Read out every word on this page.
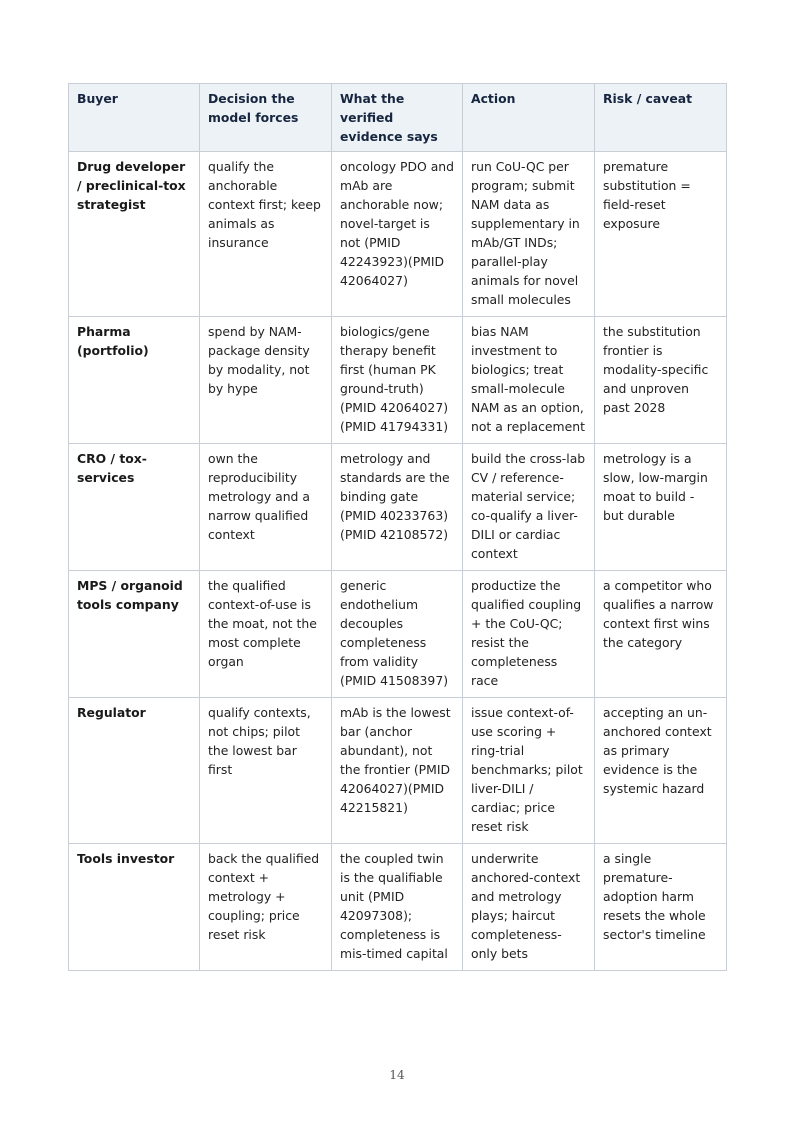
Buyer	Decision the model forces	What the verified evidence says	Action	Risk / caveat
Drug developer / preclinical-tox strategist	qualify the anchorable context first; keep animals as insurance	oncology PDO and mAb are anchorable now; novel-target is not (PMID 42243923)(PMID 42064027)	run CoU-QC per program; submit NAM data as supplementary in mAb/GT INDs; parallel-play animals for novel small molecules	premature substitution = field-reset exposure
Pharma (portfolio)	spend by NAM-package density by modality, not by hype	biologics/gene therapy benefit first (human PK ground-truth) (PMID 42064027)(PMID 41794331)	bias NAM investment to biologics; treat small-molecule NAM as an option, not a replacement	the substitution frontier is modality-specific and unproven past 2028
CRO / tox-services	own the reproducibility metrology and a narrow qualified context	metrology and standards are the binding gate (PMID 40233763)(PMID 42108572)	build the cross-lab CV / reference-material service; co-qualify a liver-DILI or cardiac context	metrology is a slow, low-margin moat to build - but durable
MPS / organoid tools company	the qualified context-of-use is the moat, not the most complete organ	generic endothelium decouples completeness from validity (PMID 41508397)	productize the qualified coupling + the CoU-QC; resist the completeness race	a competitor who qualifies a narrow context first wins the category
Regulator	qualify contexts, not chips; pilot the lowest bar first	mAb is the lowest bar (anchor abundant), not the frontier (PMID 42064027)(PMID 42215821)	issue context-of-use scoring + ring-trial benchmarks; pilot liver-DILI / cardiac; price reset risk	accepting an un-anchored context as primary evidence is the systemic hazard
Tools investor	back the qualified context + metrology + coupling; price reset risk	the coupled twin is the qualifiable unit (PMID 42097308); completeness is mis-timed capital	underwrite anchored-context and metrology plays; haircut completeness-only bets	a single premature-adoption harm resets the whole sector's timeline
14
